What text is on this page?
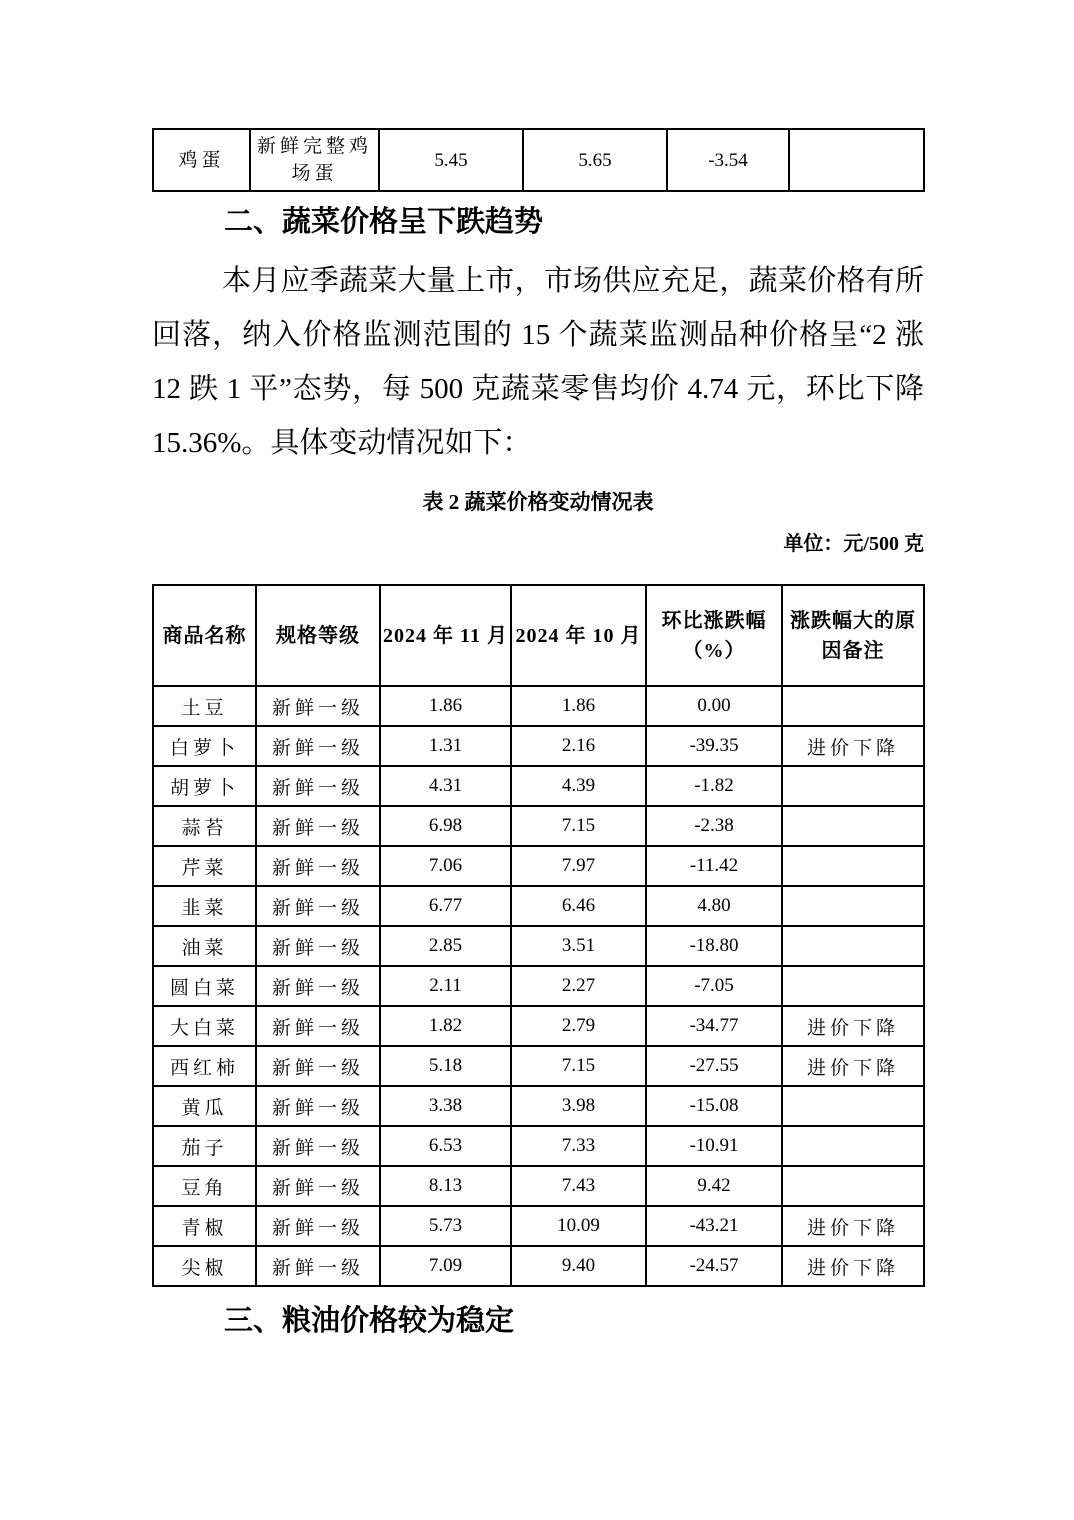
鸡蛋	新鲜完整鸡场蛋	5.45	5.65	-3.54	
二、蔬菜价格呈下跌趋势
本月应季蔬菜大量上市，市场供应充足，蔬菜价格有所回落，纳入价格监测范围的 15 个蔬菜监测品种价格呈“2 涨 12 跌 1 平”态势，每 500 克蔬菜零售均价 4.74 元，环比下降 15.36%。具体变动情况如下：
表 2 蔬菜价格变动情况表
单位：元/500 克
商品名称	规格等级	2024 年 11 月	2024 年 10 月	环比涨跌幅（%）	涨跌幅大的原因备注
土豆	新鲜一级	1.86	1.86	0.00	
白萝卜	新鲜一级	1.31	2.16	-39.35	进价下降
胡萝卜	新鲜一级	4.31	4.39	-1.82	
蒜苔	新鲜一级	6.98	7.15	-2.38	
芹菜	新鲜一级	7.06	7.97	-11.42	
韭菜	新鲜一级	6.77	6.46	4.80	
油菜	新鲜一级	2.85	3.51	-18.80	
圆白菜	新鲜一级	2.11	2.27	-7.05	
大白菜	新鲜一级	1.82	2.79	-34.77	进价下降
西红柿	新鲜一级	5.18	7.15	-27.55	进价下降
黄瓜	新鲜一级	3.38	3.98	-15.08	
茄子	新鲜一级	6.53	7.33	-10.91	
豆角	新鲜一级	8.13	7.43	9.42	
青椒	新鲜一级	5.73	10.09	-43.21	进价下降
尖椒	新鲜一级	7.09	9.40	-24.57	进价下降
三、粮油价格较为稳定
